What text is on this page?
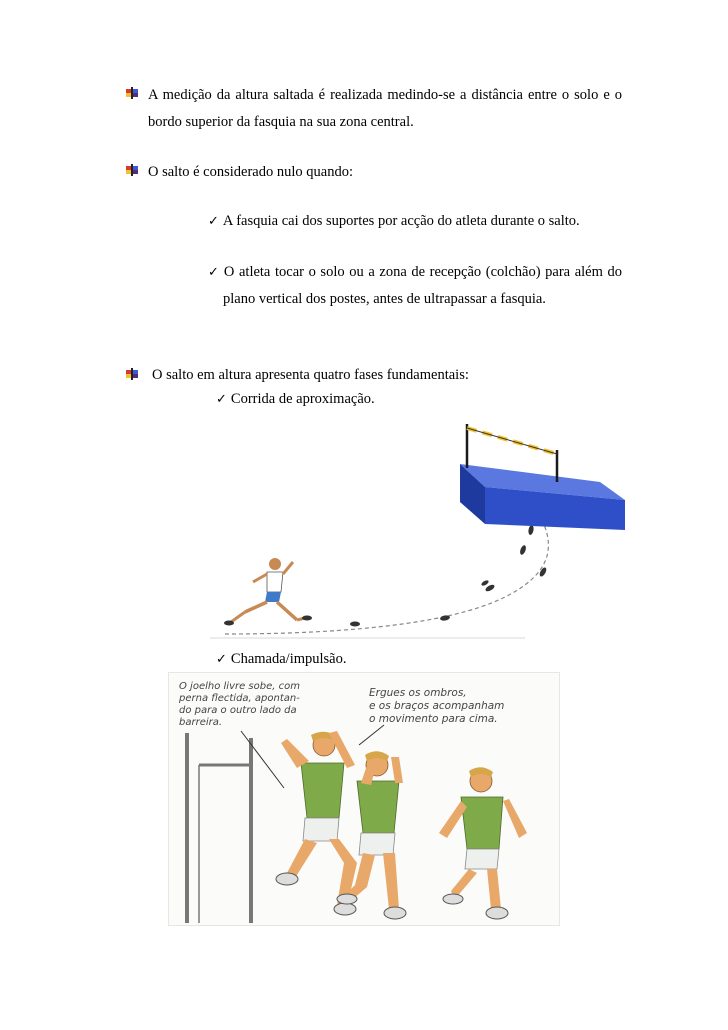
A medição da altura saltada é realizada medindo-se a distância entre o solo e o
bordo superior da fasquia na sua zona central.
O salto é considerado nulo quando:
✓ A fasquia cai dos suportes por acção do atleta durante o salto.
✓ O atleta tocar o solo ou a zona de recepção (colchão) para além do
plano vertical dos postes, antes de ultrapassar a fasquia.
O salto em altura apresenta quatro fases fundamentais:
✓ Corrida de aproximação.
✓ Chamada/impulsão.
O joelho livre sobe, com
perna flectida, apontan-
do para o outro lado da
barreira.
Ergues os ombros,
e os braços acompanham
o movimento para cima.
